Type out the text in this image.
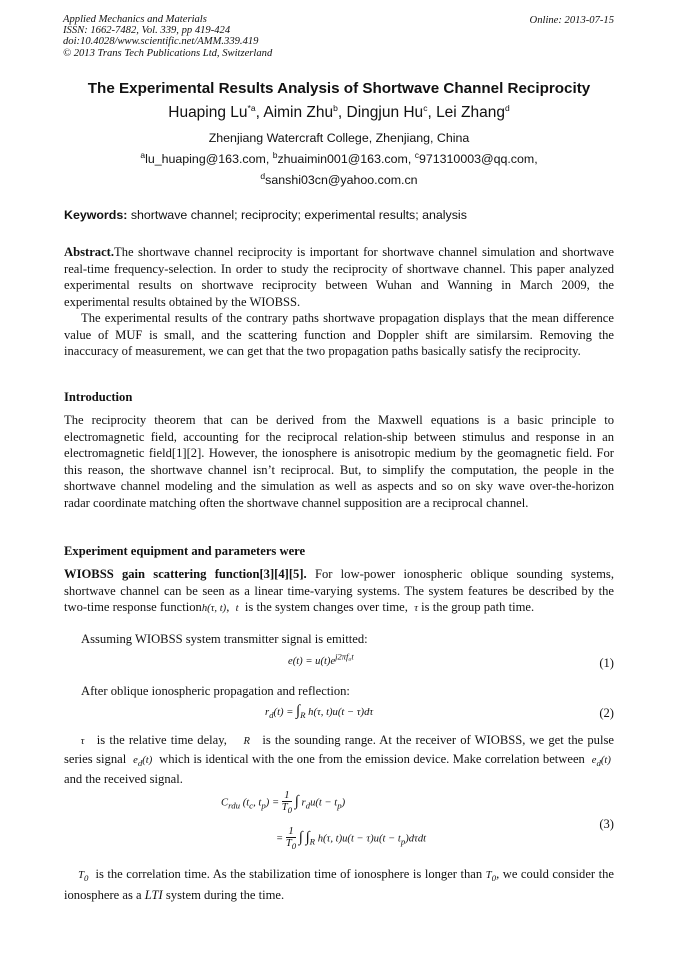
Applied Mechanics and Materials
ISSN: 1662-7482, Vol. 339, pp 419-424
doi:10.4028/www.scientific.net/AMM.339.419
© 2013 Trans Tech Publications Ltd, Switzerland
Online: 2013-07-15
The Experimental Results Analysis of Shortwave Channel Reciprocity
Huaping Lu$^{*a}$, Aimin Zhu$^b$, Dingjun Hu$^c$, Lei Zhang$^d$
Zhenjiang Watercraft College, Zhenjiang, China
$^a$lu_huaping@163.com, $^b$zhuaimin001@163.com, $^c$971310003@qq.com,
$^d$sanshi03cn@yahoo.com.cn
Keywords: shortwave channel; reciprocity; experimental results; analysis
Abstract.The shortwave channel reciprocity is important for shortwave channel simulation and shortwave real-time frequency-selection. In order to study the reciprocity of shortwave channel. This paper analyzed experimental results on shortwave reciprocity between Wuhan and Wanning in March 2009, the experimental results obtained by the WIOBSS.
The experimental results of the contrary paths shortwave propagation displays that the mean difference value of MUF is small, and the scattering function and Doppler shift are similarsim. Removing the inaccuracy of measurement, we can get that the two propagation paths basically satisfy the reciprocity.
Introduction
The reciprocity theorem that can be derived from the Maxwell equations is a basic principle to electromagnetic field, accounting for the reciprocal relation-ship between stimulus and response in an electromagnetic field[1][2]. However, the ionosphere is anisotropic medium by the geomagnetic field. For this reason, the shortwave channel isn’t reciprocal. But, to simplify the computation, the people in the shortwave channel modeling and the simulation as well as aspects and so on sky wave over-the-horizon radar coordinate matching often the shortwave channel supposition are a reciprocal channel.
Experiment equipment and parameters were
WIOBSS gain scattering function[3][4][5]. For low-power ionospheric oblique sounding systems, shortwave channel can be seen as a linear time-varying systems. The system features be described by the two-time response functionh(τ, t), t is the system changes over time, τ is the group path time.
Assuming WIOBSS system transmitter signal is emitted:
$e(t) = u(t)e^{j2\pi f_0t}$	(1)
After oblique ionospheric propagation and reflection:
$r_d(t) = \int_R$ h(τ, t)u(t − τ)dτ	(2)
τ is the relative time delay, R is the sounding range. At the receiver of WIOBSS, we get the pulse series signal $e_d(t)$ which is identical with the one from the emission device. Make correlation between $e_d(t)$  and the received signal.
$C_{rdu}$ ($t_c$, $t_p) = \frac{1}{T_0}$ ∫ $r_du(t - t_p)$
= $\frac{1}{T_0}$ ∫ $\int_R$ h(τ, $t)u(t - \tau)u(t - t_p)d\tau dt$
(3)
$T_0$ is the correlation time. As the stabilization time of ionosphere is longer than $T_0$, we could consider the ionosphere as a LTI system during the time.
